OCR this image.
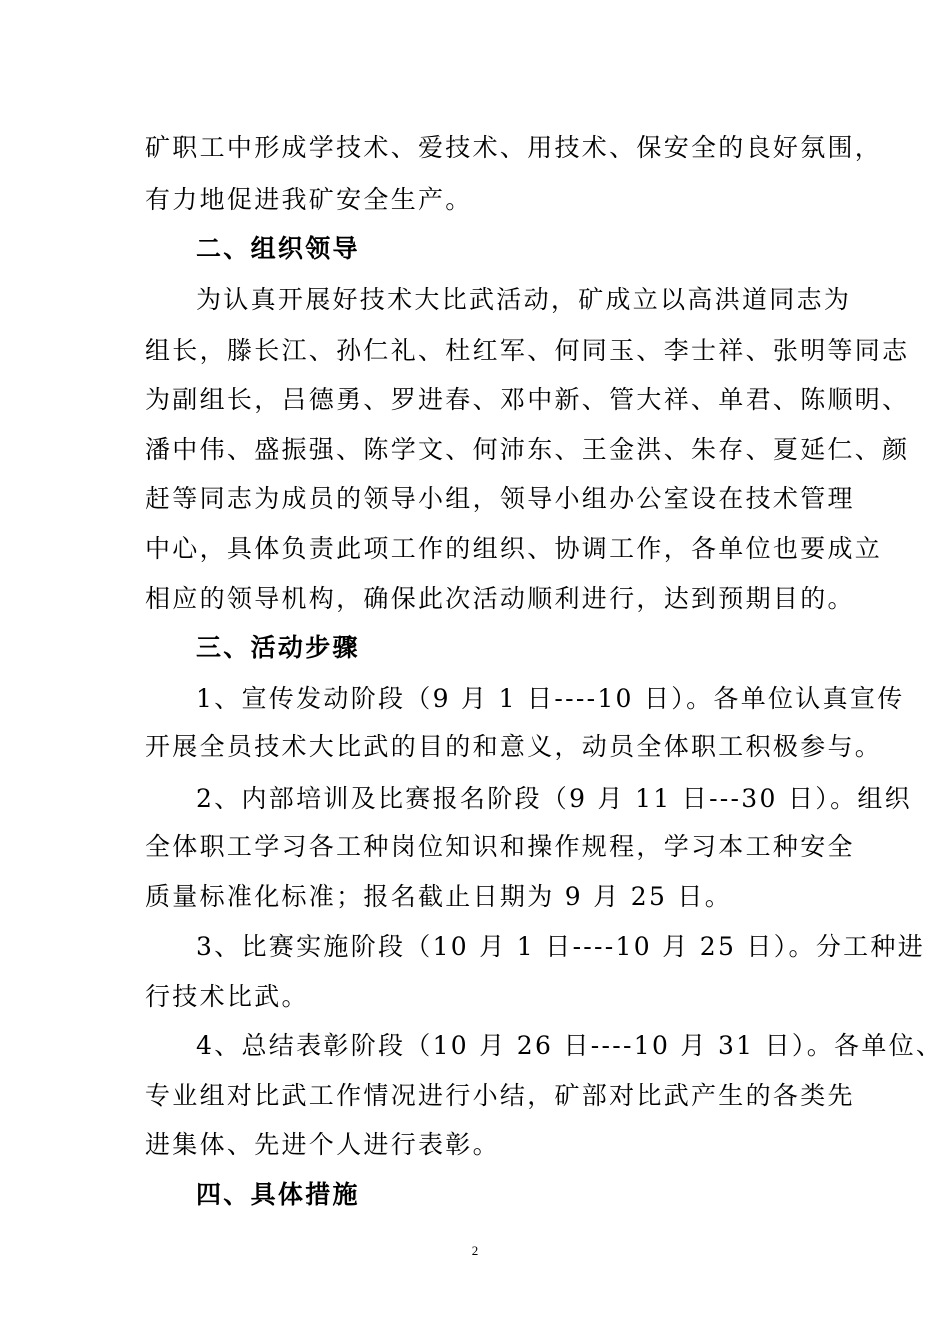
矿职工中形成学技术、爱技术、用技术、保安全的良好氛围，
有力地促进我矿安全生产。
二、组织领导
为认真开展好技术大比武活动，矿成立以高洪道同志为
组长，滕长江、孙仁礼、杜红军、何同玉、李士祥、张明等同志
为副组长，吕德勇、罗进春、邓中新、管大祥、单君、陈顺明、
潘中伟、盛振强、陈学文、何沛东、王金洪、朱存、夏延仁、颜
赶等同志为成员的领导小组，领导小组办公室设在技术管理
中心，具体负责此项工作的组织、协调工作，各单位也要成立
相应的领导机构，确保此次活动顺利进行，达到预期目的。
三、活动步骤
1、宣传发动阶段（9 月 1 日----10 日）。各单位认真宣传
开展全员技术大比武的目的和意义，动员全体职工积极参与。
2、内部培训及比赛报名阶段（9 月 11 日---30 日）。组织
全体职工学习各工种岗位知识和操作规程，学习本工种安全
质量标准化标准；报名截止日期为 9 月 25 日。
3、比赛实施阶段（10 月 1 日----10 月 25 日）。分工种进
行技术比武。
4、总结表彰阶段（10 月 26 日----10 月 31 日）。各单位、
专业组对比武工作情况进行小结，矿部对比武产生的各类先
进集体、先进个人进行表彰。
四、具体措施
2
